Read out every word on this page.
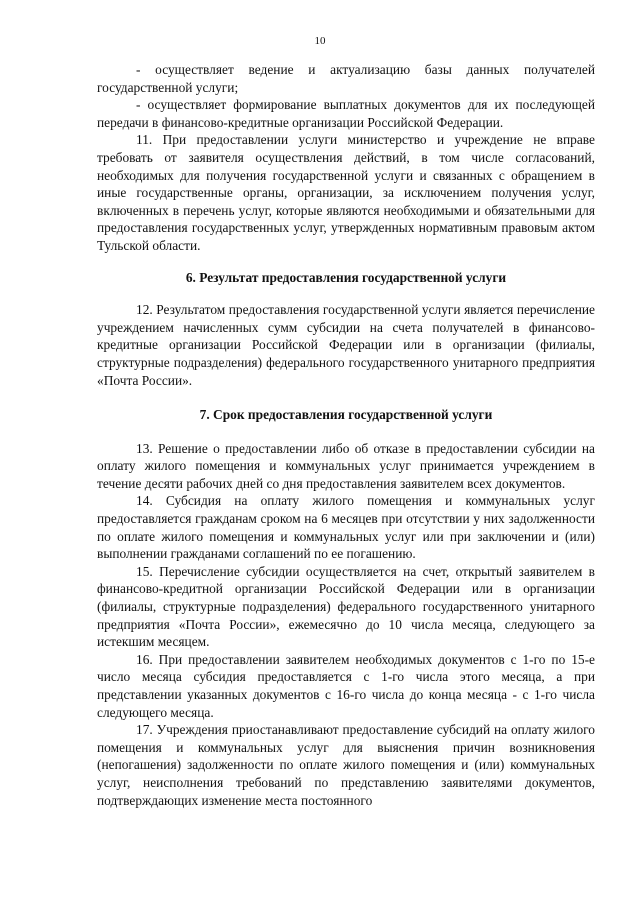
10

- осуществляет ведение и актуализацию базы данных получателей государственной услуги;

- осуществляет формирование выплатных документов для их последующей передачи в финансово-кредитные организации Российской Федерации.

11. При предоставлении услуги министерство и учреждение не вправе требовать от заявителя осуществления действий, в том числе согласований, необходимых для получения государственной услуги и связанных с обращением в иные государственные органы, организации, за исключением получения услуг, включенных в перечень услуг, которые являются необходимыми и обязательными для предоставления государственных услуг, утвержденных нормативным правовым актом Тульской области.

6. Результат предоставления государственной услуги

12. Результатом предоставления государственной услуги является перечисление учреждением начисленных сумм субсидии на счета получателей в финансово-кредитные организации Российской Федерации или в организации (филиалы, структурные подразделения) федерального государственного унитарного предприятия «Почта России».

7. Срок предоставления государственной услуги

13. Решение о предоставлении либо об отказе в предоставлении субсидии на оплату жилого помещения и коммунальных услуг принимается учреждением в течение десяти рабочих дней со дня предоставления заявителем всех документов.

14. Субсидия на оплату жилого помещения и коммунальных услуг предоставляется гражданам сроком на 6 месяцев при отсутствии у них задолженности по оплате жилого помещения и коммунальных услуг или при заключении и (или) выполнении гражданами соглашений по ее погашению.

15. Перечисление субсидии осуществляется на счет, открытый заявителем в финансово-кредитной организации Российской Федерации или в организации (филиалы, структурные подразделения) федерального государственного унитарного предприятия «Почта России», ежемесячно до 10 числа месяца, следующего за истекшим месяцем.

16. При предоставлении заявителем необходимых документов с 1-го по 15-е число месяца субсидия предоставляется с 1-го числа этого месяца, а при представлении указанных документов с 16-го числа до конца месяца - с 1-го числа следующего месяца.

17. Учреждения приостанавливают предоставление субсидий на оплату жилого помещения и коммунальных услуг для выяснения причин возникновения (непогашения) задолженности по оплате жилого помещения и (или) коммунальных услуг, неисполнения требований по представлению заявителями документов, подтверждающих изменение места постоянного
